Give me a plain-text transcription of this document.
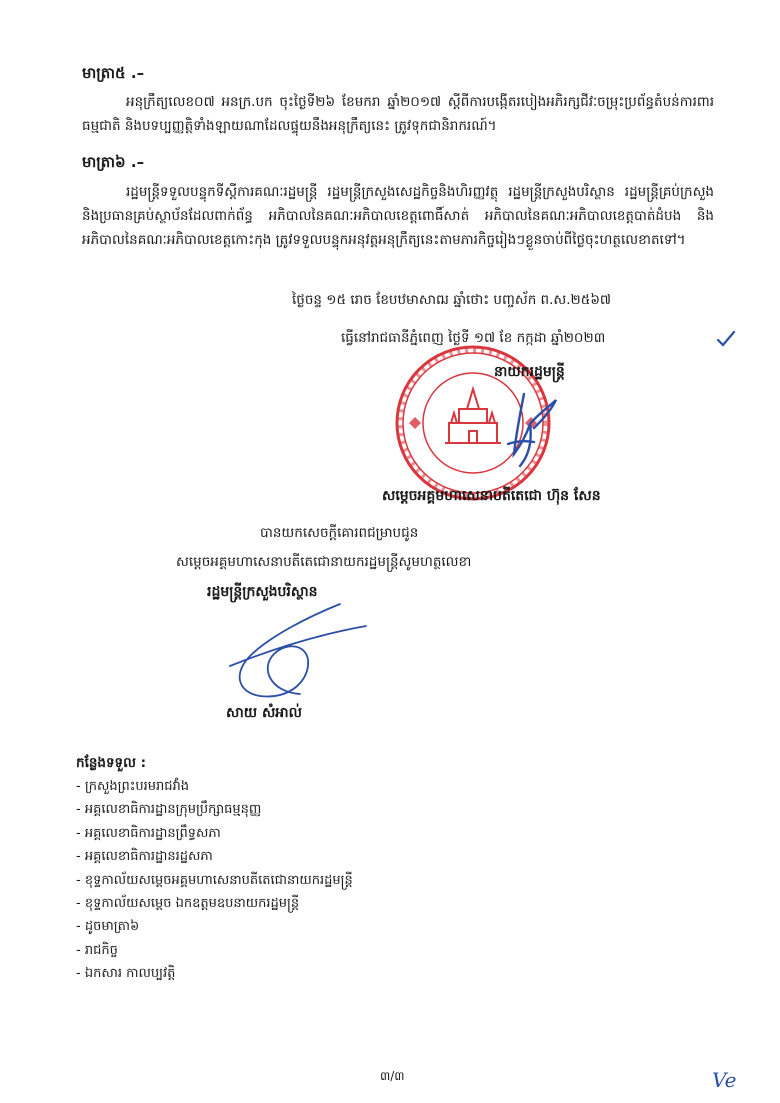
មាត្រា៥ .–
អនុក្រឹត្យលេខ០៧ អនក្រ.បក ចុះថ្ងៃទី២៦ ខែមករា ឆ្នាំ២០១៧ ស្តីពីការបង្កើតរបៀងអភិរក្សជីវៈចម្រុះប្រព័ន្ធតំបន់ការពារធម្មជាតិ និងបទប្បញ្ញត្តិទាំងឡាយណាដែលផ្ទុយនឹងអនុក្រឹត្យនេះ ត្រូវទុកជានិរាករណ៍។
មាត្រា៦ .–
រដ្ឋមន្ត្រីទទួលបន្ទុកទីស្តីការគណៈរដ្ឋមន្ត្រី រដ្ឋមន្ត្រីក្រសួងសេដ្ឋកិច្ចនិងហិរញ្ញវត្ថុ រដ្ឋមន្ត្រីក្រសួងបរិស្ថាន រដ្ឋមន្ត្រីគ្រប់ក្រសួងនិងប្រធានគ្រប់ស្ថាប័នដែលពាក់ព័ន្ធ អភិបាលនៃគណៈអភិបាលខេត្តពោធិ៍សាត់ អភិបាលនៃគណៈអភិបាលខេត្តបាត់ដំបង និងអភិបាលនៃគណៈអភិបាលខេត្តកោះកុង ត្រូវទទួលបន្ទុកអនុវត្តអនុក្រឹត្យនេះតាមភារកិច្ចរៀងៗខ្លួនចាប់ពីថ្ងៃចុះហត្ថលេខាតទៅ។
ថ្ងៃចន្ទ ១៥ រោច ខែបឋមាសាឍ ឆ្នាំថោះ បញ្ចស័ក ព.ស.២៥៦៧
ធ្វើនៅរាជធានីភ្នំពេញ ថ្ងៃទី ១៧ ខែ កក្កដា ឆ្នាំ២០២៣
នាយករដ្ឋមន្ត្រី
សម្តេចអគ្គមហាសេនាបតីតេជោ ហ៊ុន សែន
បានយកសេចក្តីគោរពជម្រាបជូន
សម្តេចអគ្គមហាសេនាបតីតេជោនាយករដ្ឋមន្ត្រីសូមហត្ថលេខា
រដ្ឋមន្ត្រីក្រសួងបរិស្ថាន
សាយ សំអាល់
កន្លែងទទួល :
- ក្រសួងព្រះបរមរាជវាំង
- អគ្គលេខាធិការដ្ឋានក្រុមប្រឹក្សាធម្មនុញ្ញ
- អគ្គលេខាធិការដ្ឋានព្រឹទ្ធសភា
- អគ្គលេខាធិការដ្ឋានរដ្ឋសភា
- ខុទ្ទកាល័យសម្តេចអគ្គមហាសេនាបតីតេជោនាយករដ្ឋមន្ត្រី
- ខុទ្ទកាល័យសម្តេច ឯកឧត្តមឧបនាយករដ្ឋមន្ត្រី
- ដូចមាត្រា៦
- រាជកិច្ច
- ឯកសារ កាលប្បវត្តិ
៣/៣	Ve
